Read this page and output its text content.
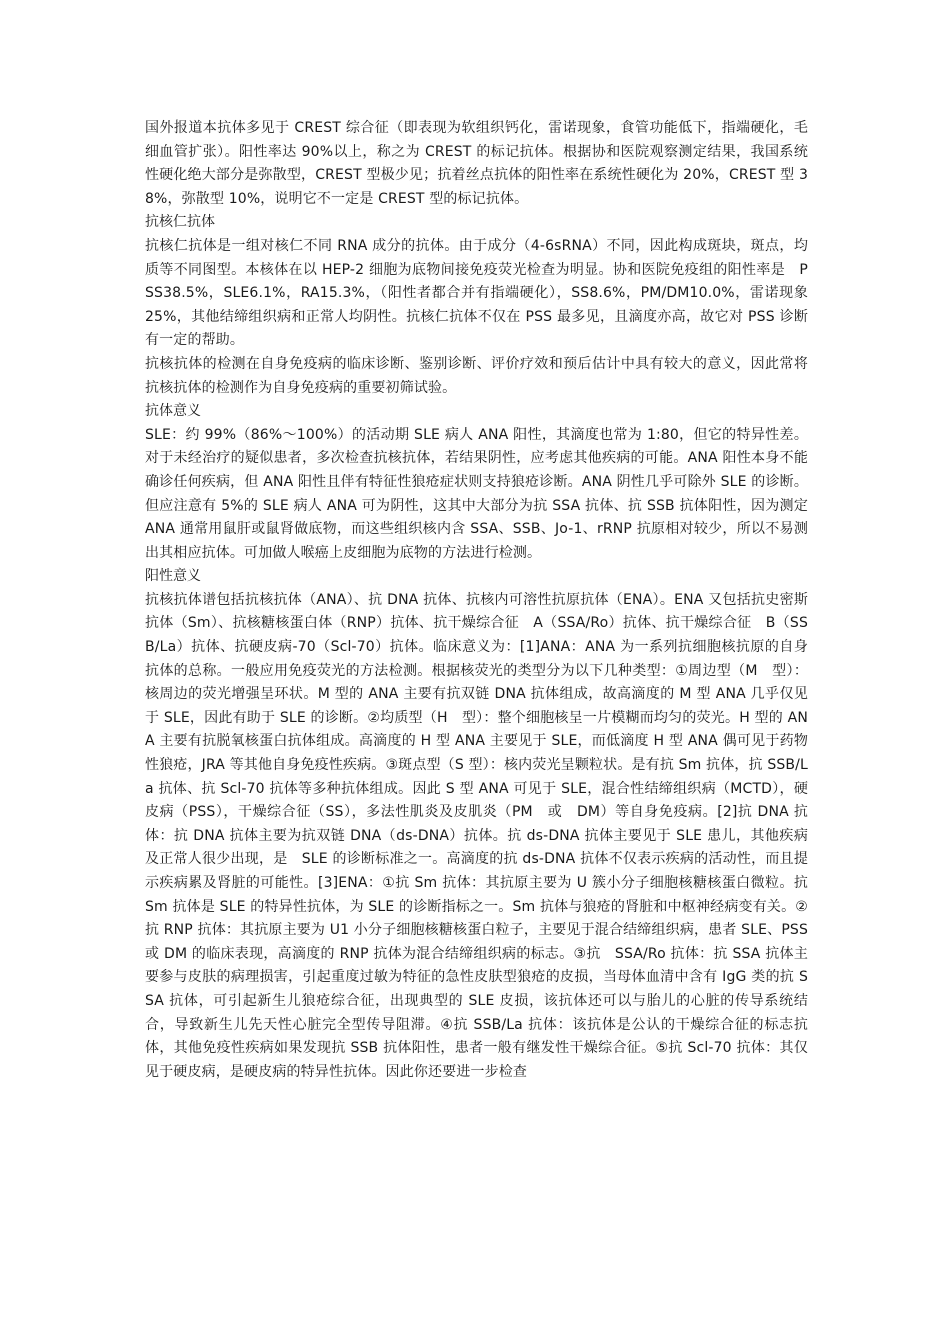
国外报道本抗体多见于 CREST 综合征（即表现为软组织钙化，雷诺现象，食管功能低下，指端硬化，毛细血管扩张）。阳性率达 90%以上，称之为 CREST 的标记抗体。根据协和医院观察测定结果，我国系统性硬化绝大部分是弥散型，CREST 型极少见；抗着丝点抗体的阳性率在系统性硬化为 20%，CREST 型 38%，弥散型 10%，说明它不一定是 CREST 型的标记抗体。

抗核仁抗体

抗核仁抗体是一组对核仁不同 RNA 成分的抗体。由于成分（4-6sRNA）不同，因此构成斑块，斑点，均质等不同图型。本核体在以 HEP-2 细胞为底物间接免疫荧光检查为明显。协和医院免疫组的阳性率是　PSS38.5%，SLE6.1%，RA15.3%，（阳性者都合并有指端硬化），SS8.6%，PM/DM10.0%，雷诺现象 25%，其他结缔组织病和正常人均阴性。抗核仁抗体不仅在 PSS 最多见，且滴度亦高，故它对 PSS 诊断有一定的帮助。

抗核抗体的检测在自身免疫病的临床诊断、鉴别诊断、评价疗效和预后估计中具有较大的意义，因此常将抗核抗体的检测作为自身免疫病的重要初筛试验。

抗体意义

SLE：约 99%（86%～100%）的活动期 SLE 病人 ANA 阳性，其滴度也常为 1:80，但它的特异性差。对于未经治疗的疑似患者，多次检查抗核抗体，若结果阴性，应考虑其他疾病的可能。ANA 阳性本身不能确诊任何疾病，但 ANA 阳性且伴有特征性狼疮症状则支持狼疮诊断。ANA 阴性几乎可除外 SLE 的诊断。但应注意有 5%的 SLE 病人 ANA 可为阴性，这其中大部分为抗 SSA 抗体、抗 SSB 抗体阳性，因为测定 ANA 通常用鼠肝或鼠肾做底物，而这些组织核内含 SSA、SSB、Jo-1、rRNP 抗原相对较少，所以不易测出其相应抗体。可加做人喉癌上皮细胞为底物的方法进行检测。

阳性意义

抗核抗体谱包括抗核抗体（ANA）、抗 DNA 抗体、抗核内可溶性抗原抗体（ENA）。ENA 又包括抗史密斯抗体（Sm）、抗核糖核蛋白体（RNP）抗体、抗干燥综合征　A（SSA/Ro）抗体、抗干燥综合征　B（SSB/La）抗体、抗硬皮病-70（Scl-70）抗体。临床意义为：[1]ANA：ANA 为一系列抗细胞核抗原的自身抗体的总称。一般应用免疫荧光的方法检测。根据核荧光的类型分为以下几种类型：①周边型（M　型）：核周边的荧光增强呈环状。M 型的 ANA 主要有抗双链 DNA 抗体组成，故高滴度的 M 型 ANA 几乎仅见于 SLE，因此有助于 SLE 的诊断。②均质型（H　型）：整个细胞核呈一片模糊而均匀的荧光。H 型的 ANA 主要有抗脱氧核蛋白抗体组成。高滴度的 H 型 ANA 主要见于 SLE，而低滴度 H 型 ANA 偶可见于药物性狼疮，JRA 等其他自身免疫性疾病。③斑点型（S 型）：核内荧光呈颗粒状。是有抗 Sm 抗体，抗 SSB/La 抗体、抗 Scl-70 抗体等多种抗体组成。因此 S 型 ANA 可见于 SLE，混合性结缔组织病（MCTD），硬皮病（PSS），干燥综合征（SS），多法性肌炎及皮肌炎（PM　或　DM）等自身免疫病。[2]抗 DNA 抗体：抗 DNA 抗体主要为抗双链 DNA（ds-DNA）抗体。抗 ds-DNA 抗体主要见于 SLE 患儿，其他疾病及正常人很少出现，是　SLE 的诊断标准之一。高滴度的抗 ds-DNA 抗体不仅表示疾病的活动性，而且提示疾病累及肾脏的可能性。[3]ENA：①抗 Sm 抗体：其抗原主要为 U 簇小分子细胞核糖核蛋白微粒。抗 Sm 抗体是 SLE 的特异性抗体，为 SLE 的诊断指标之一。Sm 抗体与狼疮的肾脏和中枢神经病变有关。②抗 RNP 抗体：其抗原主要为 U1 小分子细胞核糖核蛋白粒子，主要见于混合结缔组织病，患者 SLE、PSS 或 DM 的临床表现，高滴度的 RNP 抗体为混合结缔组织病的标志。③抗　SSA/Ro 抗体：抗 SSA 抗体主要参与皮肤的病理损害，引起重度过敏为特征的急性皮肤型狼疮的皮损，当母体血清中含有 IgG 类的抗 SSA 抗体，可引起新生儿狼疮综合征，出现典型的 SLE 皮损，该抗体还可以与胎儿的心脏的传导系统结合，导致新生儿先天性心脏完全型传导阻滞。④抗 SSB/La 抗体：该抗体是公认的干燥综合征的标志抗体，其他免疫性疾病如果发现抗 SSB 抗体阳性，患者一般有继发性干燥综合征。⑤抗 Scl-70 抗体：其仅见于硬皮病，是硬皮病的特异性抗体。因此你还要进一步检查
